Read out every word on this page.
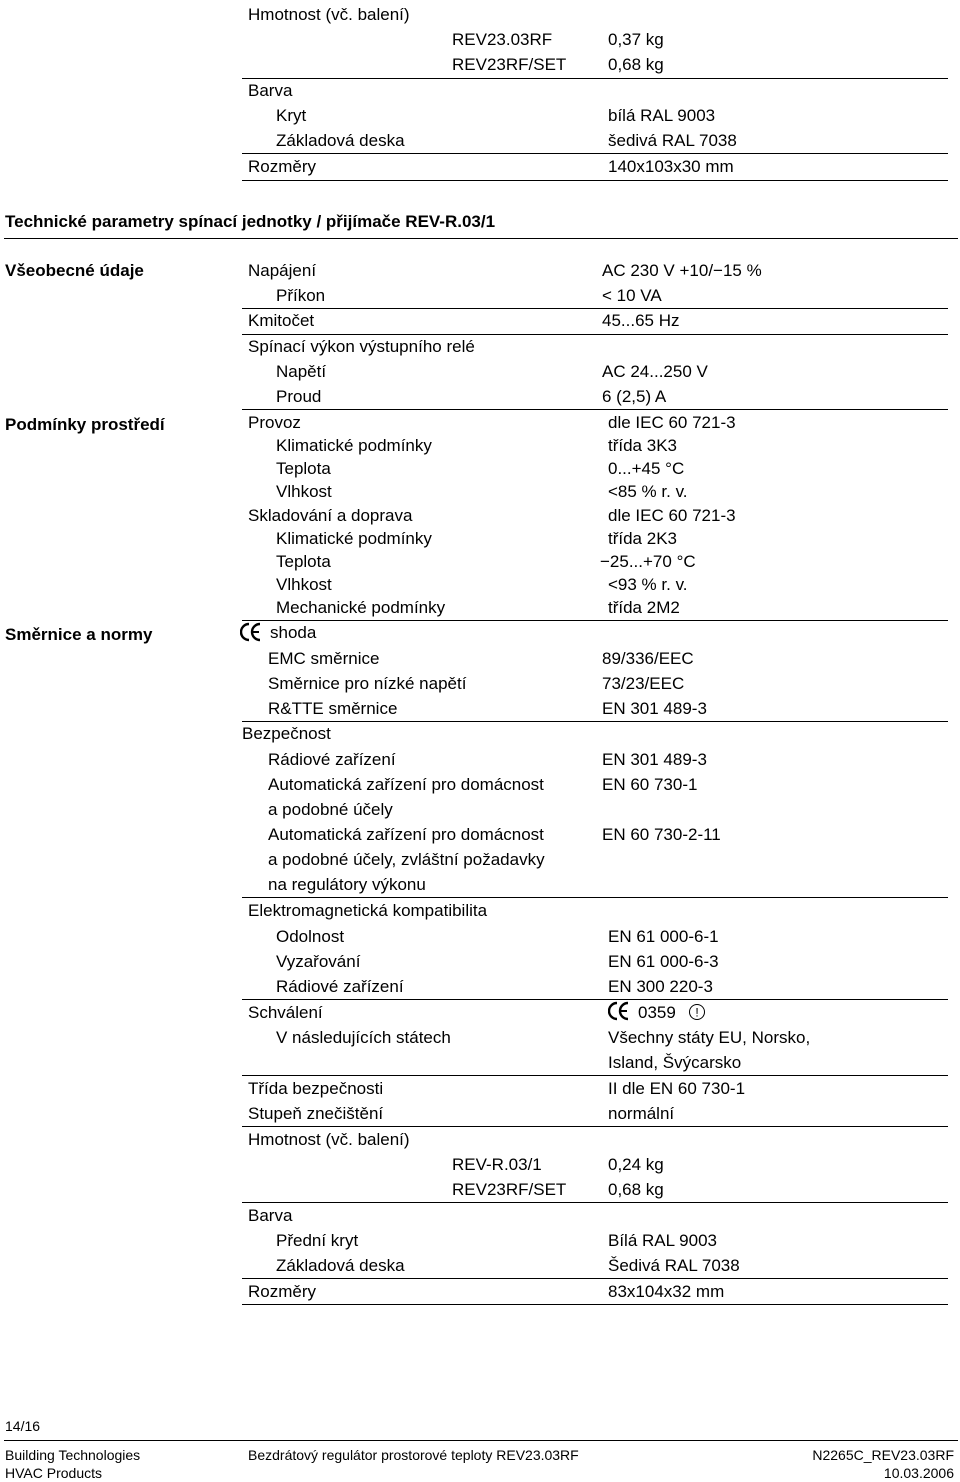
Hmotnost (vč. balení)
REV23.03RF	0,37 kg
REV23RF/SET 0,68 kg
Barva
Kryt	bílá RAL 9003
Základová deska	šedivá RAL 7038
Rozměry	140x103x30 mm
Technické parametry spínací jednotky / přijímače REV-R.03/1
Všeobecné údaje	Napájení	AC 230 V +10/−15 %
Příkon	< 10 VA
Kmitočet	45...65 Hz
Spínací výkon výstupního relé
Napětí	AC 24...250 V
Proud	6 (2,5) A
Podmínky prostředí	Provoz	dle IEC 60 721-3
Klimatické podmínky	třída 3K3
Teplota	0...+45 °C
Vlhkost	<85 % r. v.
Skladování a doprava	dle IEC 60 721-3
Klimatické podmínky	třída 2K3
Teplota	−25...+70 °C
Vlhkost	<93 % r. v.
Mechanické podmínky	třída 2M2
Směrnice a normy	shoda
EMC směrnice	89/336/EEC
Směrnice pro nízké napětí	73/23/EEC
R&TTE směrnice	EN 301 489-3
Bezpečnost
Rádiové zařízení	EN 301 489-3
Automatická zařízení pro domácnost	EN 60 730-1
a podobné účely
Automatická zařízení pro domácnost	EN 60 730-2-11
a podobné účely, zvláštní požadavky
na regulátory výkonu
Elektromagnetická kompatibilita
Odolnost	EN 61 000-6-1
Vyzařování	EN 61 000-6-3
Rádiové zařízení	EN 300 220-3
Schválení	0359 !
V následujících státech	Všechny státy EU, Norsko,
Island, Švýcarsko
Třída bezpečnosti	II dle EN 60 730-1
Stupeň znečištění	normální
Hmotnost (vč. balení)
REV-R.03/1	0,24 kg
REV23RF/SET 0,68 kg
Barva
Přední kryt	Bílá RAL 9003
Základová deska	Šedivá RAL 7038
Rozměry	83x104x32 mm
14/16
Building Technologies
HVAC Products
Bezdrátový regulátor prostorové teploty REV23.03RF	N2265C_REV23.03RF
10.03.2006
